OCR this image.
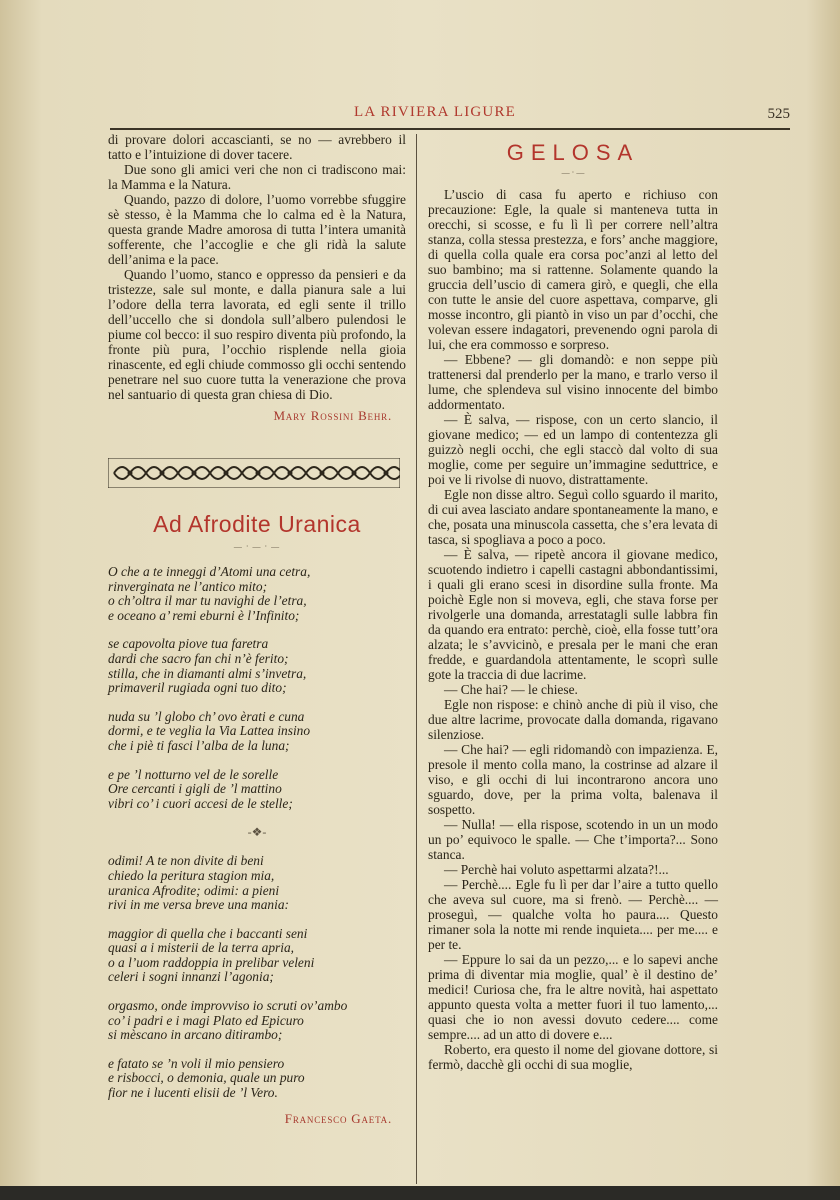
LA RIVIERA LIGURE	525

di provare dolori accascianti, se no — avrebbero il tatto e l’intuizione di dover tacere.

Due sono gli amici veri che non ci tradiscono mai: la Mamma e la Natura.

Quando, pazzo di dolore, l’uomo vorrebbe sfuggire sè stesso, è la Mamma che lo calma ed è la Natura, questa grande Madre amorosa di tutta l’intera umanità sofferente, che l’accoglie e che gli ridà la salute dell’anima e la pace.

Quando l’uomo, stanco e oppresso da pensieri e da tristezze, sale sul monte, e dalla pianura sale a lui l’odore della terra lavorata, ed egli sente il trillo dell’uccello che si dondola sull’albero pulendosi le piume col becco: il suo respiro diventa più profondo, la fronte più pura, l’occhio risplende nella gioia rinascente, ed egli chiude commosso gli occhi sentendo penetrare nel suo cuore tutta la venerazione che prova nel santuario di questa gran chiesa di Dio.

Mary Rossini Behr.
Ad Afrodite Uranica
— · — · —
O che a te inneggi d’Atomi una cetra,
rinverginata ne l’antico mito;
o ch’oltra il mar tu navighi de l’etra,
e oceano a’ remi eburni è l’Infinito;
se capovolta piove tua faretra
dardi che sacro fan chi n’è ferito;
stilla, che in diamanti almi s’invetra,
primaveril rugiada ogni tuo dito;
nuda su ’l globo ch’ ovo èrati e cuna
dormi, e te veglia la Via Lattea insino
che i piè ti fasci l’alba de la luna;
e pe ’l notturno vel de le sorelle
Ore cercanti i gigli de ’l mattino
vibri co’ i cuori accesi de le stelle;
-❖-
odimi! A te non divite di beni
chiedo la peritura stagion mia,
uranica Afrodite; odimi: a pieni
rivi in me versa breve una mania:
maggior di quella che i baccanti seni
quasi a i misterii de la terra apria,
o a l’uom raddoppia in prelibar veleni
celeri i sogni innanzi l’agonia;
orgasmo, onde improvviso io scruti ov’ambo
co’ i padri e i magi Plato ed Epicuro
si mèscano in arcano ditirambo;
e fatato se ’n voli il mio pensiero
e risbocci, o demonia, quale un puro
fior ne i lucenti elisii de ’l Vero.
Francesco Gaeta.
GELOSA
— · —

L’uscio di casa fu aperto e richiuso con precauzione: Egle, la quale si manteneva tutta in orecchi, si scosse, e fu lì lì per correre nell’altra stanza, colla stessa prestezza, e fors’ anche maggiore, di quella colla quale era corsa poc’anzi al letto del suo bambino; ma si rattenne. Solamente quando la gruccia dell’uscio di camera girò, e quegli, che ella con tutte le ansie del cuore aspettava, comparve, gli mosse incontro, gli piantò in viso un par d’occhi, che volevan essere indagatori, prevenendo ogni parola di lui, che era commosso e sorpreso.

— Ebbene? — gli domandò: e non seppe più trattenersi dal prenderlo per la mano, e trarlo verso il lume, che splendeva sul visino innocente del bimbo addormentato.

— È salva, — rispose, con un certo slancio, il giovane medico; — ed un lampo di contentezza gli guizzò negli occhi, che egli staccò dal volto di sua moglie, come per seguire un’immagine seduttrice, e poi ve li rivolse di nuovo, distrattamente.

Egle non disse altro. Seguì collo sguardo il marito, di cui avea lasciato andare spontaneamente la mano, e che, posata una minuscola cassetta, che s’era levata di tasca, si spogliava a poco a poco.

— È salva, — ripetè ancora il giovane medico, scuotendo indietro i capelli castagni abbondantissimi, i quali gli erano scesi in disordine sulla fronte. Ma poichè Egle non si moveva, egli, che stava forse per rivolgerle una domanda, arrestatagli sulle labbra fin da quando era entrato: perchè, cioè, ella fosse tutt’ora alzata; le s’avvicinò, e presala per le mani che eran fredde, e guardandola attentamente, le scoprì sulle gote la traccia di due lacrime.

— Che hai? — le chiese.

Egle non rispose: e chinò anche di più il viso, che due altre lacrime, provocate dalla domanda, rigavano silenziose.

— Che hai? — egli ridomandò con impazienza. E, presole il mento colla mano, la costrinse ad alzare il viso, e gli occhi di lui incontrarono ancora uno sguardo, dove, per la prima volta, balenava il sospetto.

— Nulla! — ella rispose, scotendo in un un modo un po’ equivoco le spalle. — Che t’importa?... Sono stanca.

— Perchè hai voluto aspettarmi alzata?!...

— Perchè.... Egle fu lì per dar l’aire a tutto quello che aveva sul cuore, ma si frenò. — Perchè.... — proseguì, — qualche volta ho paura.... Questo rimaner sola la notte mi rende inquieta.... per me.... e per te.

— Eppure lo sai da un pezzo,... e lo sapevi anche prima di diventar mia moglie, qual’ è il destino de’ medici! Curiosa che, fra le altre novità, hai aspettato appunto questa volta a metter fuori il tuo lamento,... quasi che io non avessi dovuto cedere.... come sempre.... ad un atto di dovere e....

Roberto, era questo il nome del giovane dottore, si fermò, dacchè gli occhi di sua moglie,
